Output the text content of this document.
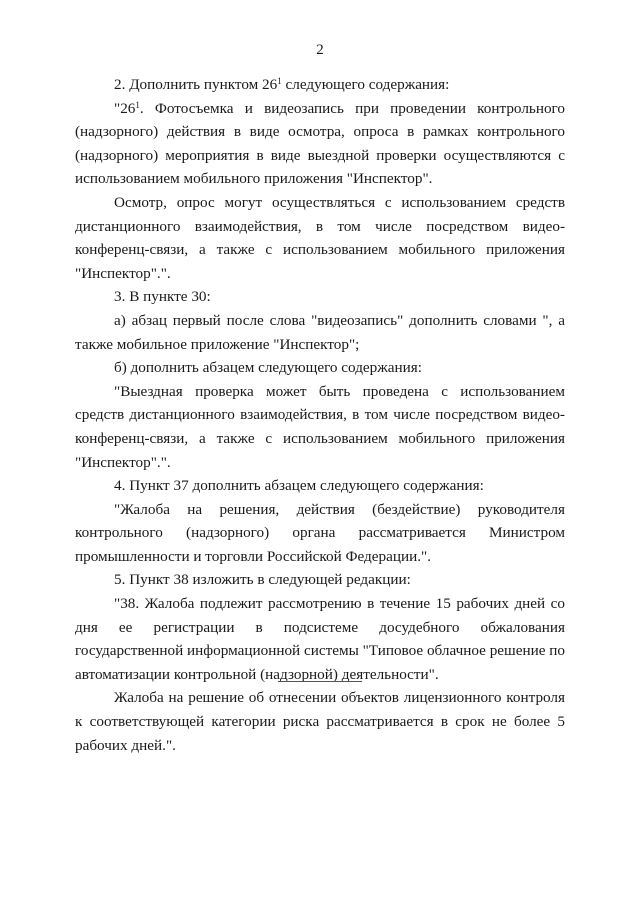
2

2. Дополнить пунктом $26^1$ следующего содержания:

"$26^1$. Фотосъемка и видеозапись при проведении контрольного (надзорного) действия в виде осмотра, опроса в рамках контрольного (надзорного) мероприятия в виде выездной проверки осуществляются с использованием мобильного приложения "Инспектор".

Осмотр, опрос могут осуществляться с использованием средств дистанционного взаимодействия, в том числе посредством видео-конференц-связи, а также с использованием мобильного приложения "Инспектор".".

3. В пункте 30:

а) абзац первый после слова "видеозапись" дополнить словами ", а также мобильное приложение "Инспектор";

б) дополнить абзацем следующего содержания:

"Выездная проверка может быть проведена с использованием средств дистанционного взаимодействия, в том числе посредством видео-конференц-связи, а также с использованием мобильного приложения "Инспектор".".

4. Пункт 37 дополнить абзацем следующего содержания:

"Жалоба на решения, действия (бездействие) руководителя контрольного (надзорного) органа рассматривается Министром промышленности и торговли Российской Федерации.".

5. Пункт 38 изложить в следующей редакции:

"38. Жалоба подлежит рассмотрению в течение 15 рабочих дней со дня ее регистрации в подсистеме досудебного обжалования государственной информационной системы "Типовое облачное решение по автоматизации контрольной (надзорной) деятельности".

Жалоба на решение об отнесении объектов лицензионного контроля к соответствующей категории риска рассматривается в срок не более 5 рабочих дней.".
